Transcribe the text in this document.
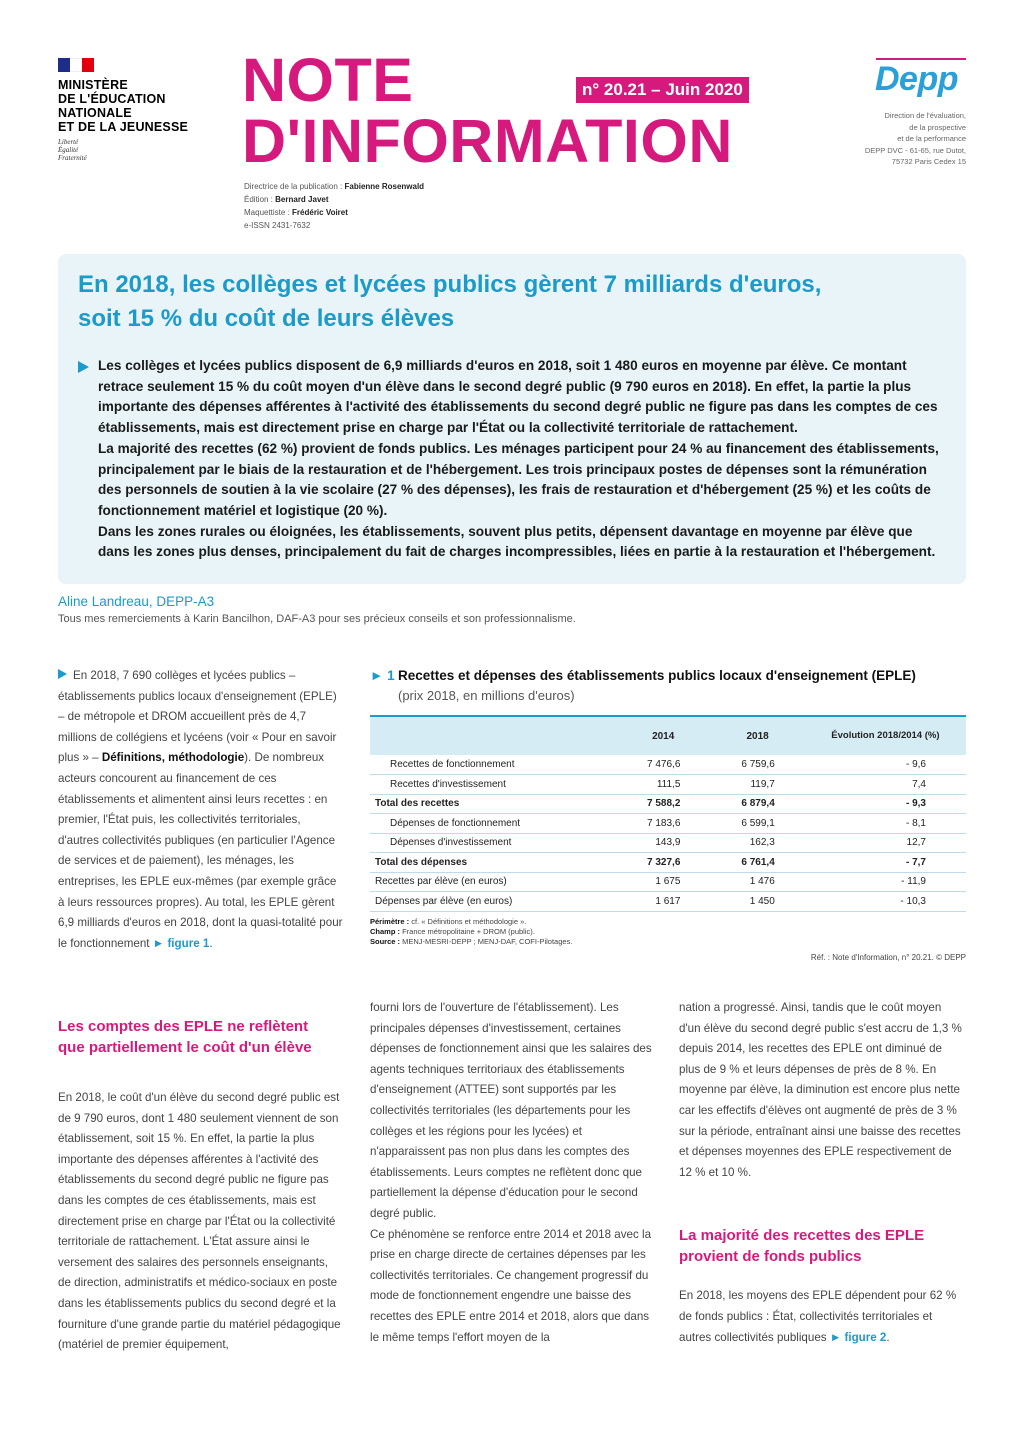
MINISTÈRE
DE L'ÉDUCATION
NATIONALE
ET DE LA JEUNESSE
Liberté
Égalité
Fraternité
NOTE
D'INFORMATION
n° 20.21 – Juin 2020
Directrice de la publication : Fabienne Rosenwald
Édition : Bernard Javet
Maquettiste : Frédéric Voiret
e-ISSN 2431-7632
Depp
Direction de l'évaluation,
de la prospective
et de la performance
DEPP DVC - 61-65, rue Dutot,
75732 Paris Cedex 15
En 2018, les collèges et lycées publics gèrent 7 milliards d'euros,
soit 15 % du coût de leurs élèves

Les collèges et lycées publics disposent de 6,9 milliards d'euros en 2018, soit 1 480 euros en moyenne par élève. Ce montant retrace seulement 15 % du coût moyen d'un élève dans le second degré public (9 790 euros en 2018). En effet, la partie la plus importante des dépenses afférentes à l'activité des établissements du second degré public ne figure pas dans les comptes de ces établissements, mais est directement prise en charge par l'État ou la collectivité territoriale de rattachement.

La majorité des recettes (62 %) provient de fonds publics. Les ménages participent pour 24 % au financement des établissements, principalement par le biais de la restauration et de l'hébergement. Les trois principaux postes de dépenses sont la rémunération des personnels de soutien à la vie scolaire (27 % des dépenses), les frais de restauration et d'hébergement (25 %) et les coûts de fonctionnement matériel et logistique (20 %).

Dans les zones rurales ou éloignées, les établissements, souvent plus petits, dépensent davantage en moyenne par élève que dans les zones plus denses, principalement du fait de charges incompressibles, liées en partie à la restauration et l'hébergement.

Aline Landreau, DEPP-A3
Tous mes remerciements à Karin Bancilhon, DAF-A3 pour ses précieux conseils et son professionnalisme.

En 2018, 7 690 collèges et lycées publics – établissements publics locaux d'enseignement (EPLE) – de métropole et DROM accueillent près de 4,7 millions de collégiens et lycéens (voir « Pour en savoir plus » – Définitions, méthodologie). De nombreux acteurs concourent au financement de ces établissements et alimentent ainsi leurs recettes : en premier, l'État puis, les collectivités territoriales, d'autres collectivités publiques (en particulier l'Agence de services et de paiement), les ménages, les entreprises, les EPLE eux-mêmes (par exemple grâce à leurs ressources propres). Au total, les EPLE gèrent 6,9 milliards d'euros en 2018, dont la quasi-totalité pour le fonctionnement ► figure 1.

Les comptes des EPLE ne reflètent
que partiellement le coût d'un élève

En 2018, le coût d'un élève du second degré public est de 9 790 euros, dont 1 480 seulement viennent de son établissement, soit 15 %. En effet, la partie la plus importante des dépenses afférentes à l'activité des établissements du second degré public ne figure pas dans les comptes de ces établissements, mais est directement prise en charge par l'État ou la collectivité territoriale de rattachement. L'État assure ainsi le versement des salaires des personnels enseignants, de direction, administratifs et médico-sociaux en poste dans les établissements publics du second degré et la fourniture d'une grande partie du matériel pédagogique (matériel de premier équipement,

fourni lors de l'ouverture de l'établissement). Les principales dépenses d'investissement, certaines dépenses de fonctionnement ainsi que les salaires des agents techniques territoriaux des établissements d'enseignement (ATTEE) sont supportés par les collectivités territoriales (les départements pour les collèges et les régions pour les lycées) et n'apparaissent pas non plus dans les comptes des établissements. Leurs comptes ne reflètent donc que partiellement la dépense d'éducation pour le second degré public.

Ce phénomène se renforce entre 2014 et 2018 avec la prise en charge directe de certaines dépenses par les collectivités territoriales. Ce changement progressif du mode de fonctionnement engendre une baisse des recettes des EPLE entre 2014 et 2018, alors que dans le même temps l'effort moyen de la

nation a progressé. Ainsi, tandis que le coût moyen d'un élève du second degré public s'est accru de 1,3 % depuis 2014, les recettes des EPLE ont diminué de plus de 9 % et leurs dépenses de près de 8 %. En moyenne par élève, la diminution est encore plus nette car les effectifs d'élèves ont augmenté de près de 3 % sur la période, entraînant ainsi une baisse des recettes et dépenses moyennes des EPLE respectivement de 12 % et 10 %.

La majorité des recettes des EPLE
provient de fonds publics

En 2018, les moyens des EPLE dépendent pour 62 % de fonds publics : État, collectivités territoriales et autres collectivités publiques ► figure 2.

► 1 Recettes et dépenses des établissements publics locaux d'enseignement (EPLE)
(prix 2018, en millions d'euros)
	2014	2018	Évolution 2018/2014 (%)
Recettes de fonctionnement	7 476,6	6 759,6	- 9,6
Recettes d'investissement	111,5	119,7	7,4
Total des recettes	7 588,2	6 879,4	- 9,3
Dépenses de fonctionnement	7 183,6	6 599,1	- 8,1
Dépenses d'investissement	143,9	162,3	12,7
Total des dépenses	7 327,6	6 761,4	- 7,7
Recettes par élève (en euros)	1 675	1 476	- 11,9
Dépenses par élève (en euros)	1 617	1 450	- 10,3
Périmètre : cf. « Définitions et méthodologie ».
Champ : France métropolitaine + DROM (public).
Source : MENJ-MESRI-DEPP ; MENJ-DAF, COFI-Pilotages.
Réf. : Note d'Information, n° 20.21. © DEPP
